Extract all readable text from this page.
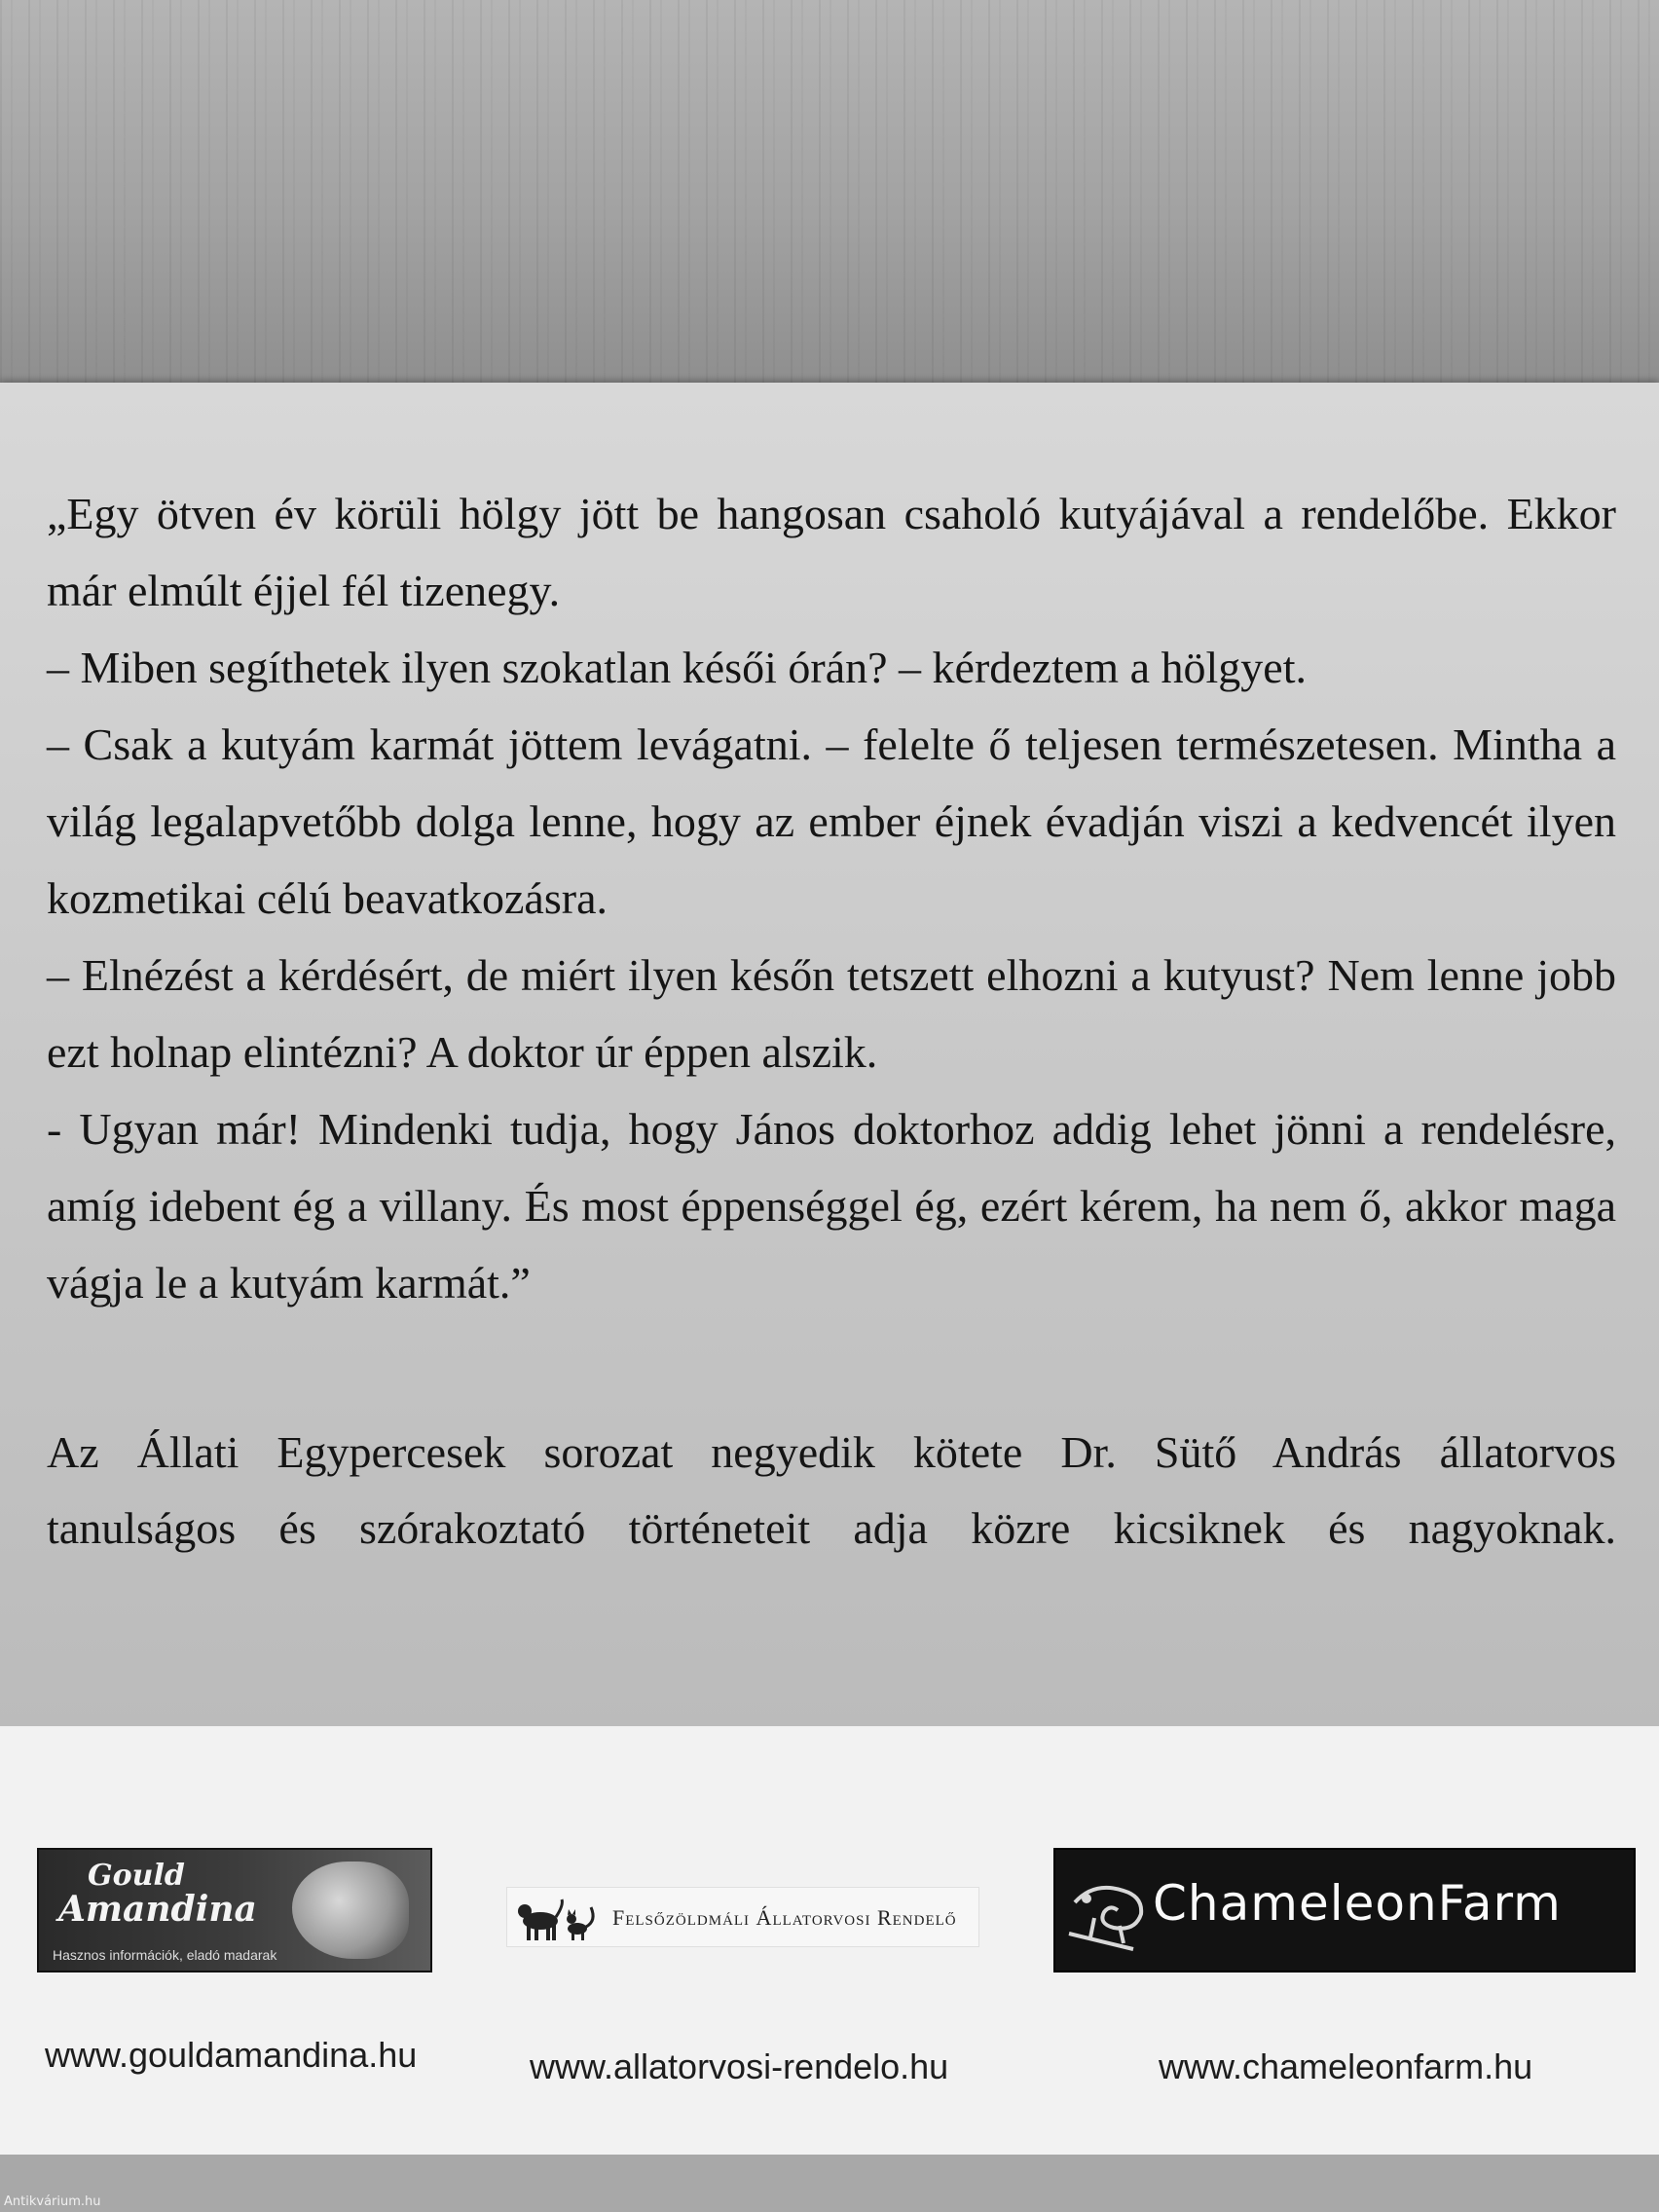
„Egy ötven év körüli hölgy jött be hangosan csaholó kutyájával a rendelőbe. Ekkor már elmúlt éjjel fél tizenegy.

– Miben segíthetek ilyen szokatlan késői órán? – kérdeztem a hölgyet.

– Csak a kutyám karmát jöttem levágatni. – felelte ő teljesen természetesen. Mintha a világ legalapvetőbb dolga lenne, hogy az ember éjnek évadján viszi a kedvencét ilyen kozmetikai célú beavatkozásra.

– Elnézést a kérdésért, de miért ilyen későn tetszett elhozni a kutyust? Nem lenne jobb ezt holnap elintézni? A doktor úr éppen alszik.

- Ugyan már! Mindenki tudja, hogy János doktorhoz addig lehet jönni a rendelésre, amíg idebent ég a villany. És most éppenséggel ég, ezért kérem, ha nem ő, akkor maga vágja le a kutyám karmát.”

Az Állati Egypercesek sorozat negyedik kötete Dr. Sütő András állatorvos

tanulságos és szórakoztató történeteit adja közre kicsiknek és nagyoknak.

Gould
Amandina
Hasznos információk, eladó madarak
Felsőzöldmáli Állatorvosi Rendelő	ChameleonFarm
www.gouldamandina.hu	www.allatorvosi-rendelo.hu	www.chameleonfarm.hu
Antikvárium.hu
